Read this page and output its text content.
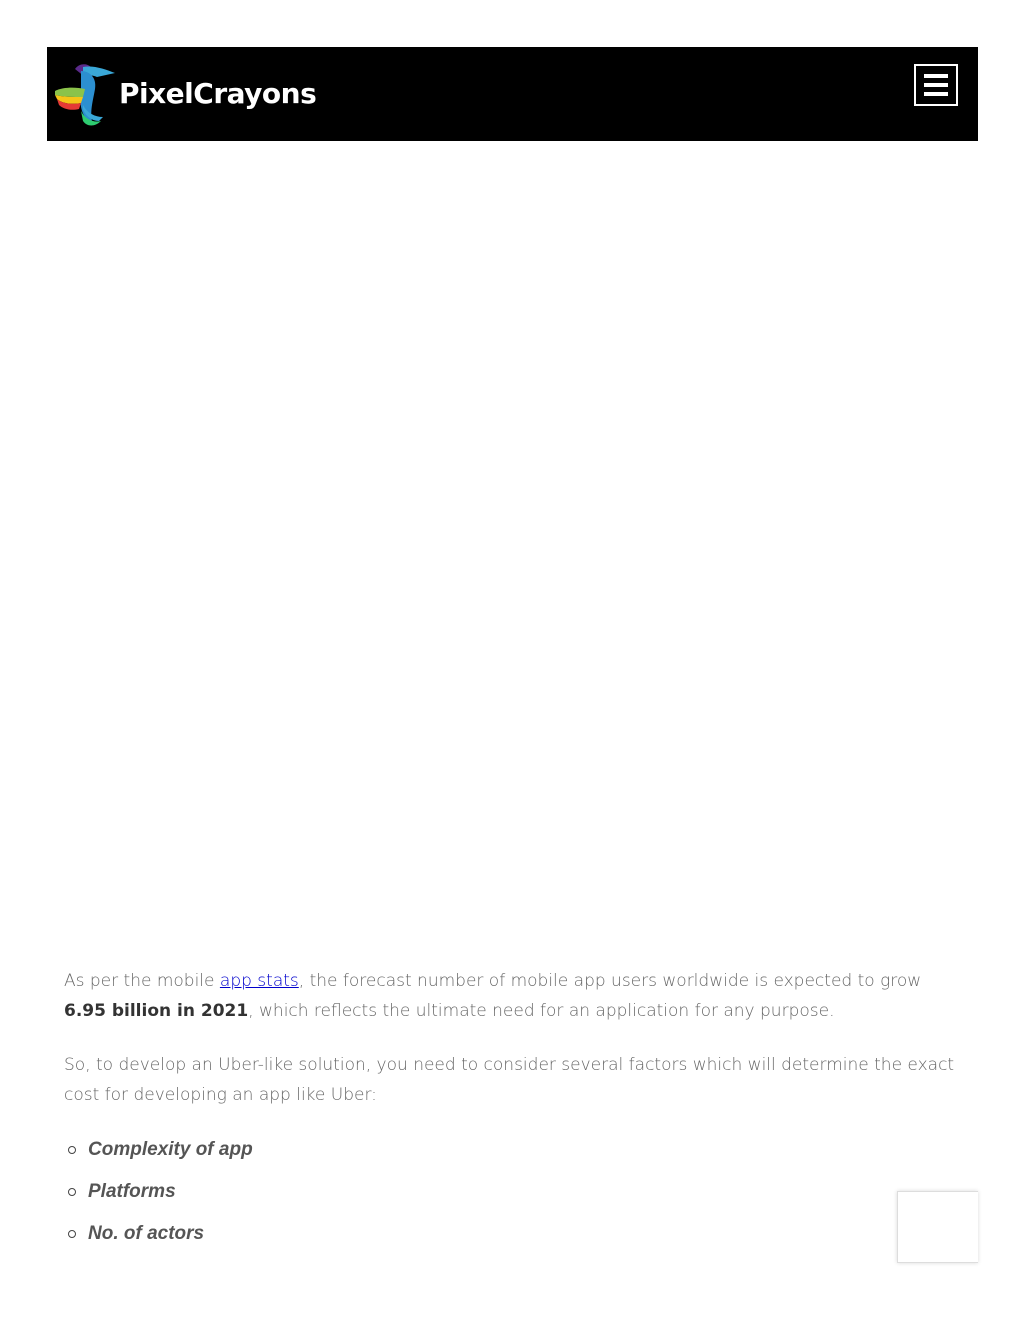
PixelCrayons

As per the mobile app stats, the forecast number of mobile app users worldwide is expected to grow 6.95 billion in 2021, which reflects the ultimate need for an application for any purpose.

So, to develop an Uber-like solution, you need to consider several factors which will determine the exact cost for developing an app like Uber:

Complexity of app
Platforms
No. of actors
